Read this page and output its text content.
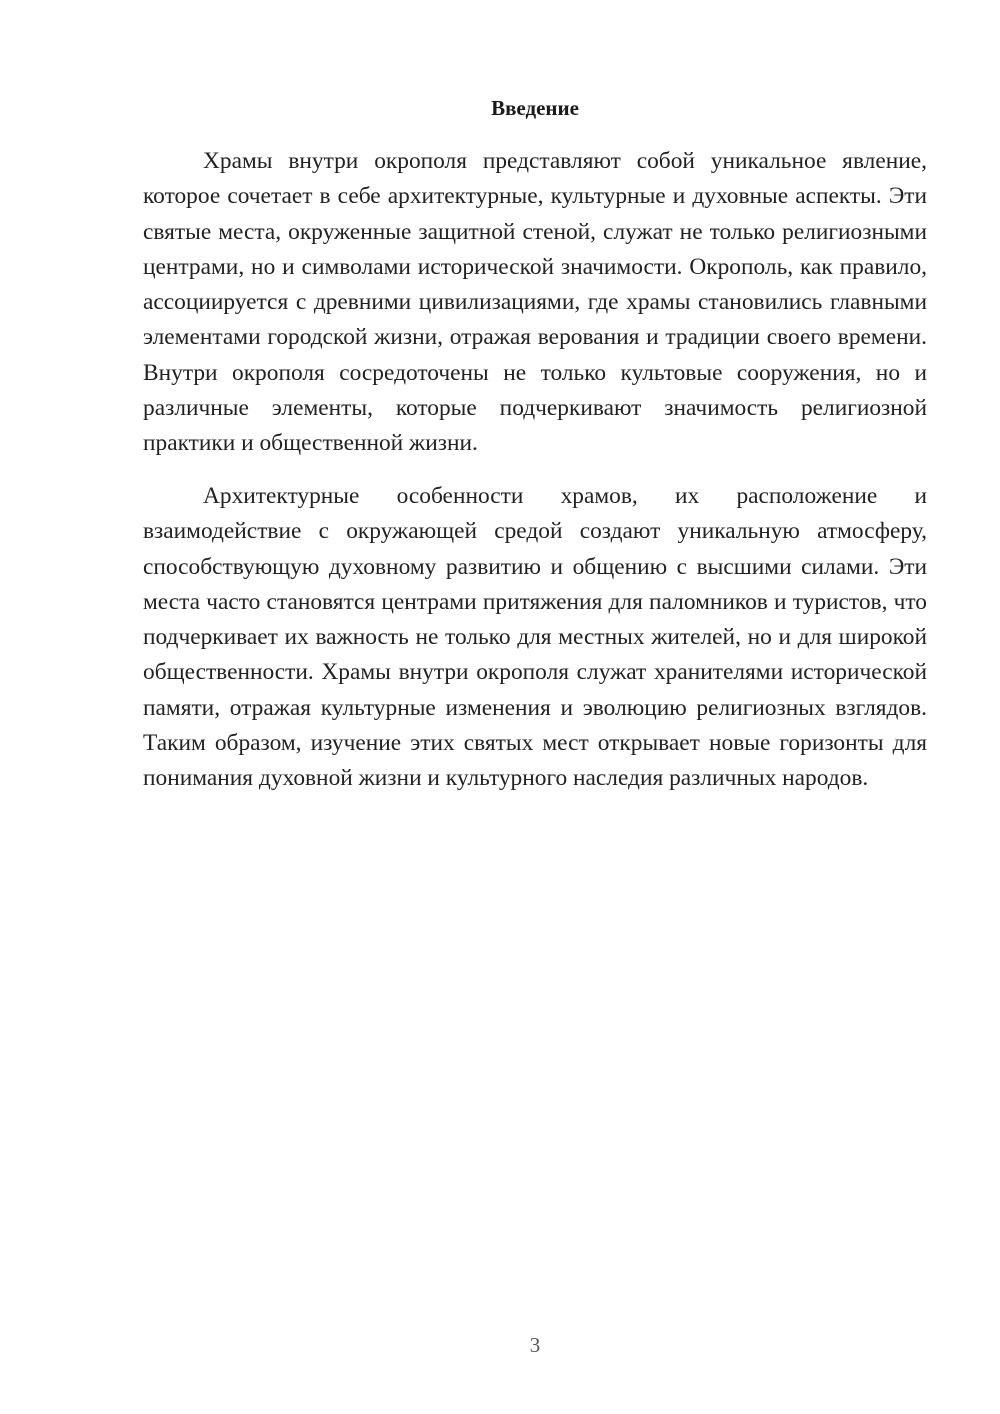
Введение

Храмы внутри окрополя представляют собой уникальное явление, которое сочетает в себе архитектурные, культурные и духовные аспекты. Эти святые места, окруженные защитной стеной, служат не только религиозными центрами, но и символами исторической значимости. Окрополь, как правило, ассоциируется с древними цивилизациями, где храмы становились главными элементами городской жизни, отражая верования и традиции своего времени. Внутри окрополя сосредоточены не только культовые сооружения, но и различные элементы, которые подчеркивают значимость религиозной практики и общественной жизни.

Архитектурные особенности храмов, их расположение и взаимодействие с окружающей средой создают уникальную атмосферу, способствующую духовному развитию и общению с высшими силами. Эти места часто становятся центрами притяжения для паломников и туристов, что подчеркивает их важность не только для местных жителей, но и для широкой общественности. Храмы внутри окрополя служат хранителями исторической памяти, отражая культурные изменения и эволюцию религиозных взглядов. Таким образом, изучение этих святых мест открывает новые горизонты для понимания духовной жизни и культурного наследия различных народов.

3
